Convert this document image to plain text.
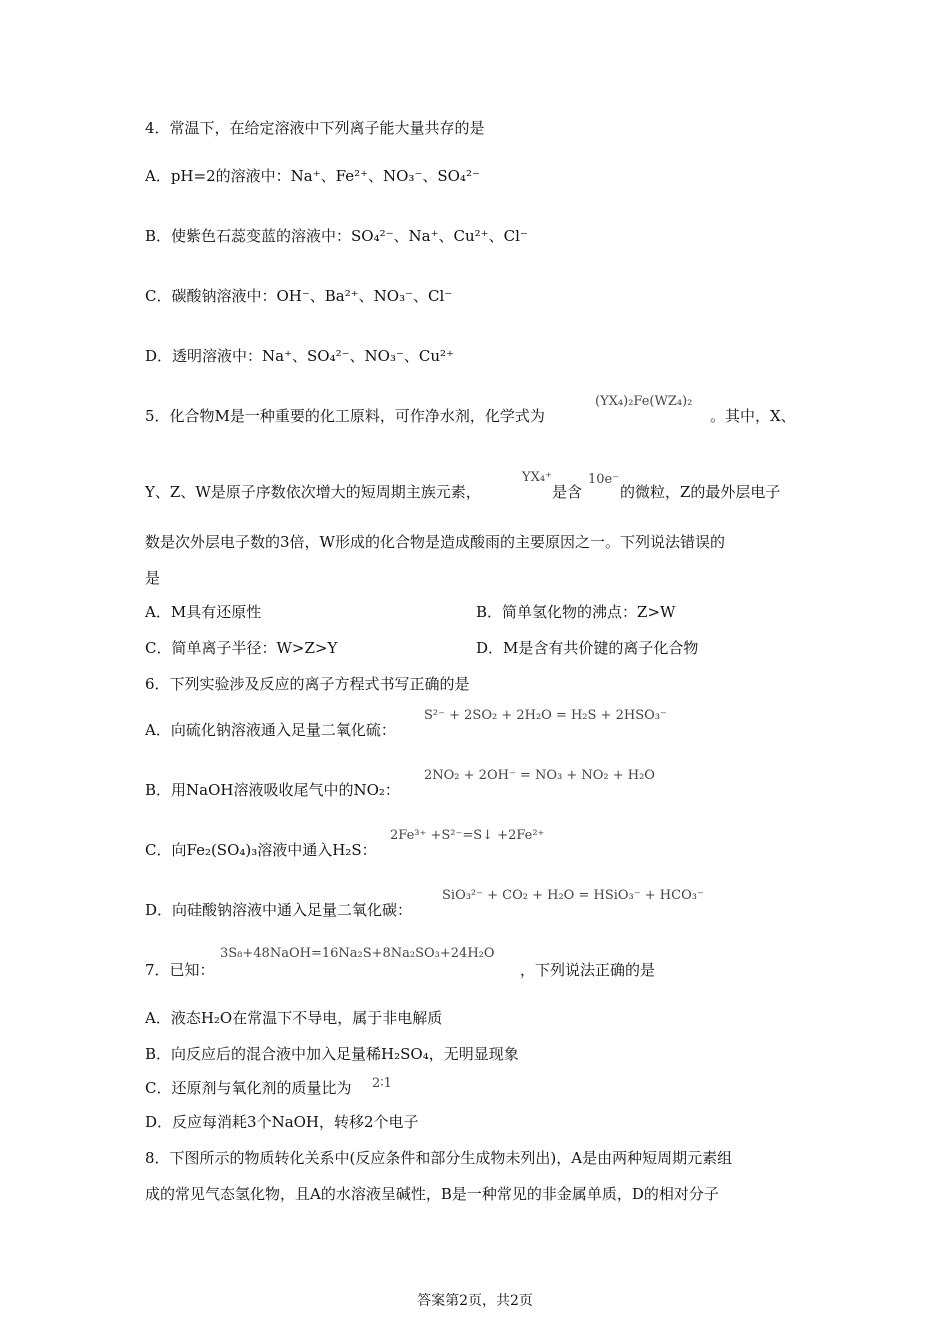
4．常温下，在给定溶液中下列离子能大量共存的是
A．pH=2的溶液中：Na⁺、Fe²⁺、NO₃⁻、SO₄²⁻
B．使紫色石蕊变蓝的溶液中：SO₄²⁻、Na⁺、Cu²⁺、Cl⁻
C．碳酸钠溶液中：OH⁻、Ba²⁺、NO₃⁻、Cl⁻
D．透明溶液中：Na⁺、SO₄²⁻、NO₃⁻、Cu²⁺
5．化合物M是一种重要的化工原料，可作净水剂，化学式为
(YX₄)₂Fe(WZ₄)₂
。其中，X、
Y、Z、W是原子序数依次增大的短周期主族元素，
YX₄⁺
是含
10e⁻
的微粒，Z的最外层电子
数是次外层电子数的3倍，W形成的化合物是造成酸雨的主要原因之一。下列说法错误的
是
A．M具有还原性	B．简单氢化物的沸点：Z>W
C．简单离子半径：W>Z>Y	D．M是含有共价键的离子化合物
6．下列实验涉及反应的离子方程式书写正确的是
A．向硫化钠溶液通入足量二氧化硫：
S²⁻ + 2SO₂ + 2H₂O = H₂S + 2HSO₃⁻
B．用NaOH溶液吸收尾气中的NO₂：
2NO₂ + 2OH⁻ = NO₃ + NO₂ + H₂O
C．向Fe₂(SO₄)₃溶液中通入H₂S：
2Fe³⁺ +S²⁻=S↓ +2Fe²⁺
D．向硅酸钠溶液中通入足量二氧化碳：
SiO₃²⁻ + CO₂ + H₂O = HSiO₃⁻ + HCO₃⁻
7．已知：
3S₈+48NaOH=16Na₂S+8Na₂SO₃+24H₂O
，下列说法正确的是
A．液态H₂O在常温下不导电，属于非电解质
B．向反应后的混合液中加入足量稀H₂SO₄，无明显现象
C．还原剂与氧化剂的质量比为 2∶1
D．反应每消耗3个NaOH，转移2个电子
8．下图所示的物质转化关系中(反应条件和部分生成物未列出)，A是由两种短周期元素组
成的常见气态氢化物，且A的水溶液呈碱性，B是一种常见的非金属单质，D的相对分子
答案第2页，共2页
